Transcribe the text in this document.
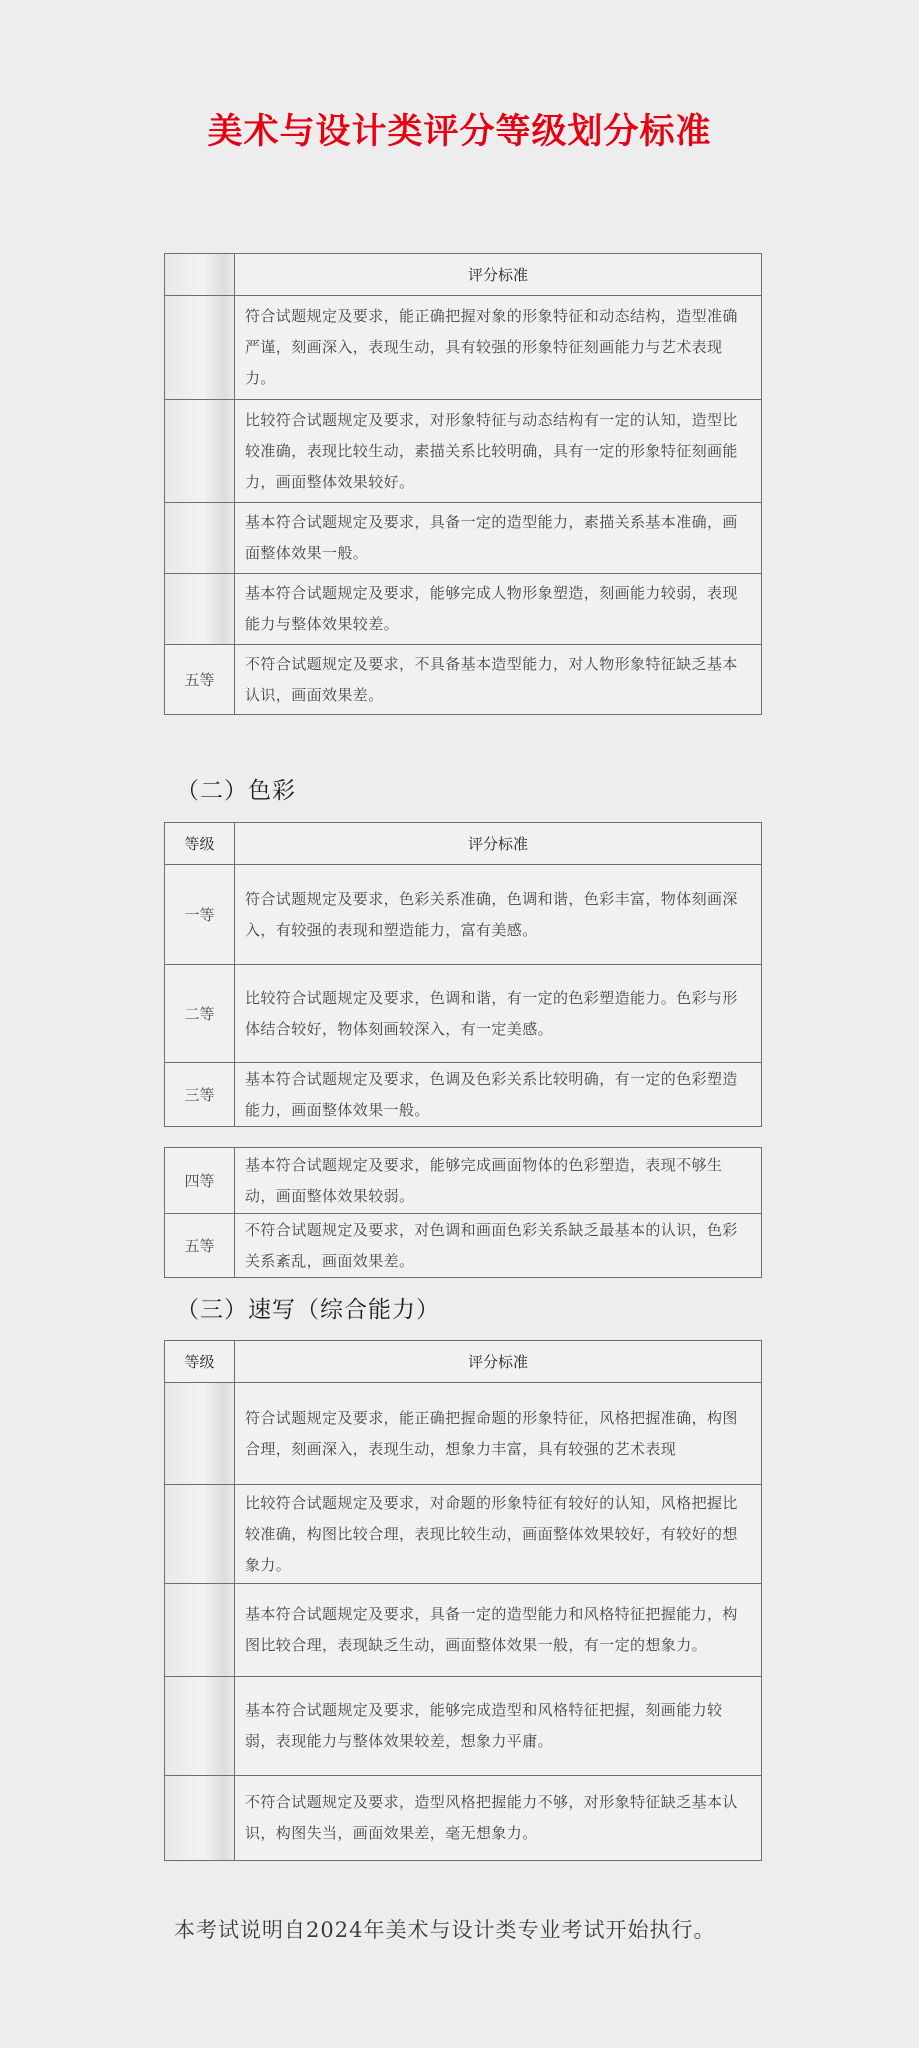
美术与设计类评分等级划分标准
	评分标准
	符合试题规定及要求，能正确把握对象的形象特征和动态结构，造型准确严谨，刻画深入，表现生动，具有较强的形象特征刻画能力与艺术表现力。
	比较符合试题规定及要求，对形象特征与动态结构有一定的认知，造型比较准确，表现比较生动，素描关系比较明确，具有一定的形象特征刻画能力，画面整体效果较好。
	基本符合试题规定及要求，具备一定的造型能力，素描关系基本准确，画面整体效果一般。
	基本符合试题规定及要求，能够完成人物形象塑造，刻画能力较弱，表现能力与整体效果较差。
五等	不符合试题规定及要求，不具备基本造型能力，对人物形象特征缺乏基本认识，画面效果差。
（二）色彩
等级	评分标准
一等	符合试题规定及要求，色彩关系准确，色调和谐，色彩丰富，物体刻画深入，有较强的表现和塑造能力，富有美感。
二等	比较符合试题规定及要求，色调和谐，有一定的色彩塑造能力。色彩与形体结合较好，物体刻画较深入，有一定美感。
三等	基本符合试题规定及要求，色调及色彩关系比较明确，有一定的色彩塑造能力，画面整体效果一般。
四等	基本符合试题规定及要求，能够完成画面物体的色彩塑造，表现不够生动，画面整体效果较弱。
五等	不符合试题规定及要求，对色调和画面色彩关系缺乏最基本的认识，色彩关系紊乱，画面效果差。
（三）速写（综合能力）
等级	评分标准
	符合试题规定及要求，能正确把握命题的形象特征，风格把握准确，构图合理，刻画深入，表现生动，想象力丰富，具有较强的艺术表现
	比较符合试题规定及要求，对命题的形象特征有较好的认知，风格把握比较准确，构图比较合理，表现比较生动，画面整体效果较好，有较好的想象力。
	基本符合试题规定及要求，具备一定的造型能力和风格特征把握能力，构图比较合理，表现缺乏生动，画面整体效果一般，有一定的想象力。
	基本符合试题规定及要求，能够完成造型和风格特征把握，刻画能力较弱，表现能力与整体效果较差，想象力平庸。
	不符合试题规定及要求，造型风格把握能力不够，对形象特征缺乏基本认识，构图失当，画面效果差，毫无想象力。
本考试说明自2024年美术与设计类专业考试开始执行。
